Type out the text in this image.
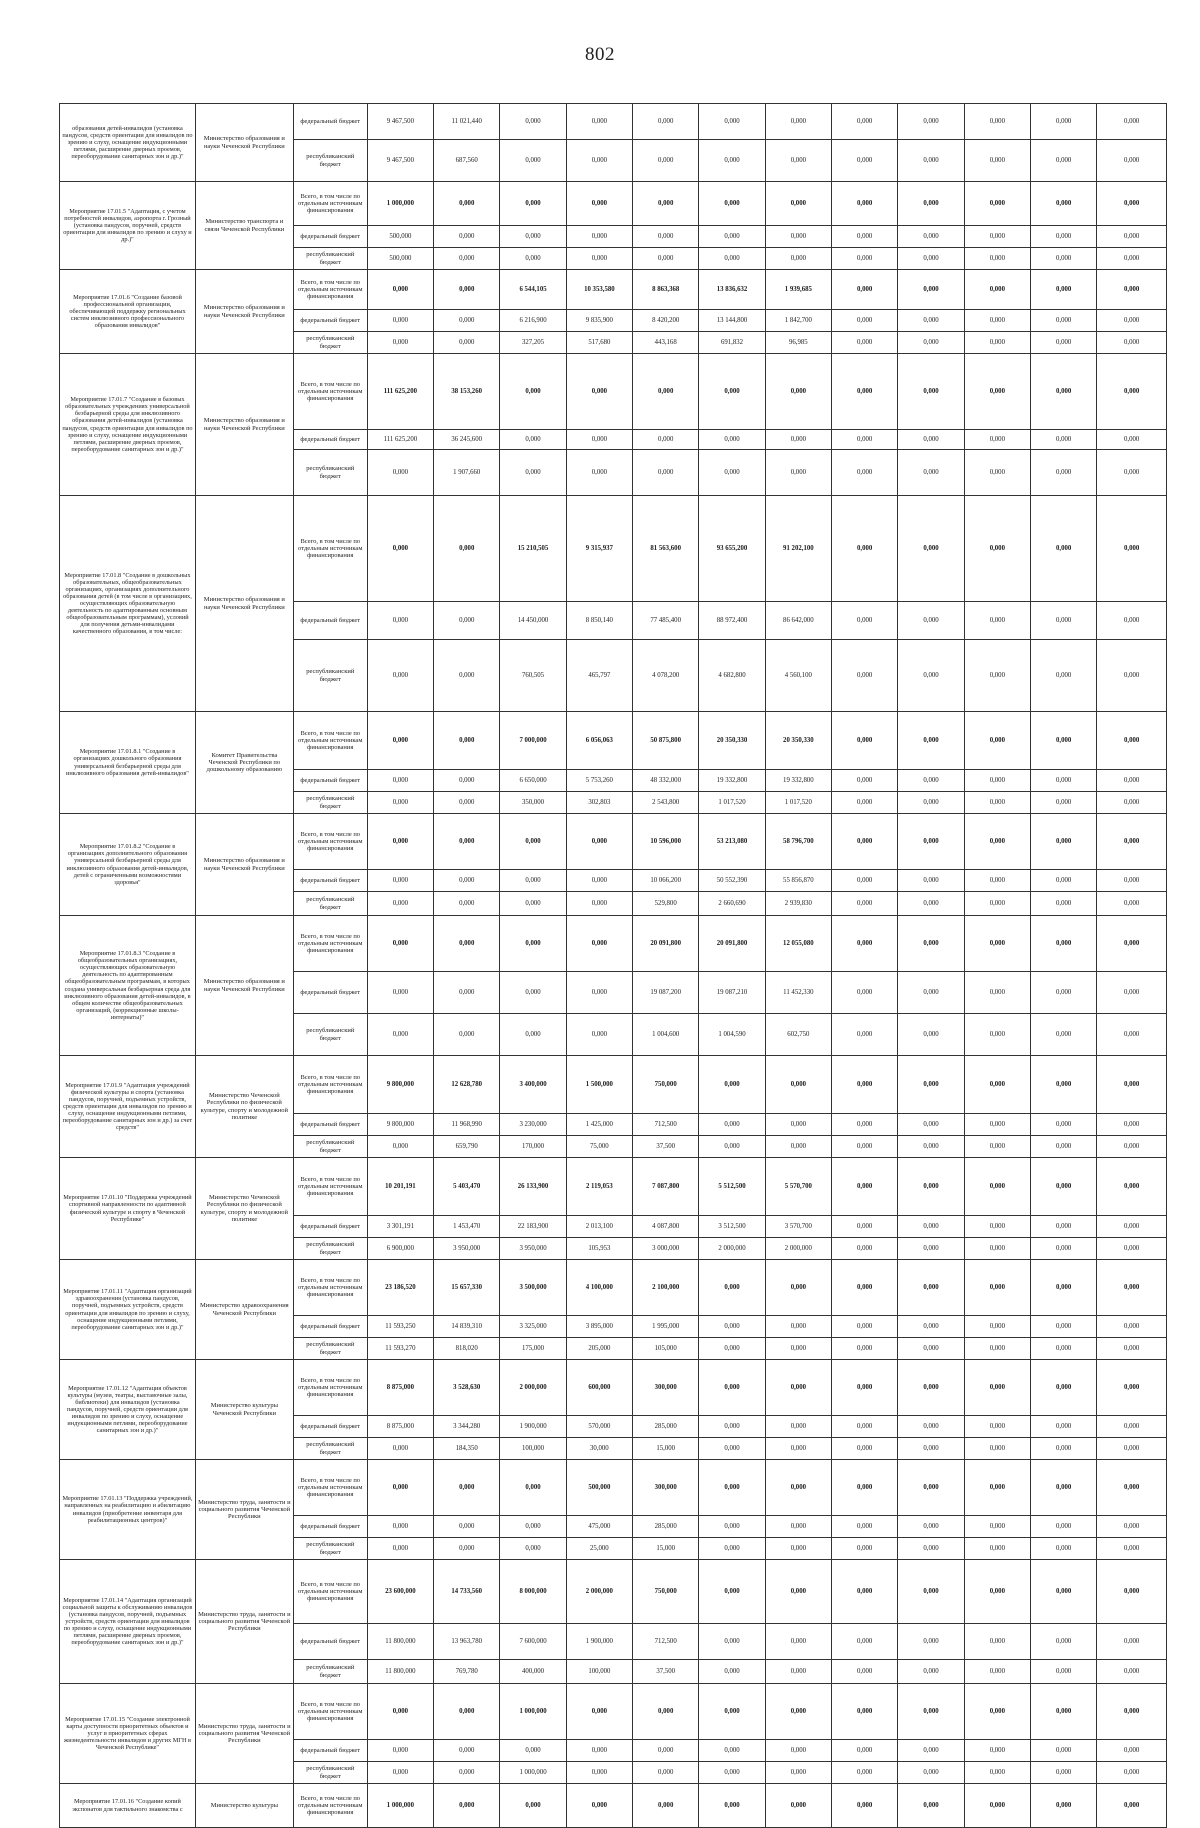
802
образования детей-инвалидов (установка пандусов, средств ориентации для инвалидов по зрению и слуху, оснащение индукционными петлями, расширение дверных проемов, переоборудование санитарных зон и др.)"	Министерство образования и науки Чеченской Республики	федеральный бюджет	9 467,500	11 021,440	0,000	0,000	0,000	0,000	0,000	0,000	0,000	0,000	0,000	0,000
		республиканский бюджет	9 467,500	687,560	0,000	0,000	0,000	0,000	0,000	0,000	0,000	0,000	0,000	0,000
Мероприятие 17.01.5 "Адаптация, с учетом потребностей инвалидов, аэропорта г. Грозный (установка пандусов, поручней, средств ориентации для инвалидов по зрению и слуху и др.)"	Министерство транспорта и связи Чеченской Республики	Всего, в том числе по отдельным источникам финансирования	1 000,000	0,000	0,000	0,000	0,000	0,000	0,000	0,000	0,000	0,000	0,000	0,000
		федеральный бюджет	500,000	0,000	0,000	0,000	0,000	0,000	0,000	0,000	0,000	0,000	0,000	0,000
		республиканский бюджет	500,000	0,000	0,000	0,000	0,000	0,000	0,000	0,000	0,000	0,000	0,000	0,000
Мероприятие 17.01.6 "Создание базовой профессиональной организации, обеспечивающей поддержку региональных систем инклюзивного профессионального образования инвалидов"	Министерство образования и науки Чеченской Республики	Всего, в том числе по отдельным источникам финансирования	0,000	0,000	6 544,105	10 353,580	8 863,368	13 836,632	1 939,685	0,000	0,000	0,000	0,000	0,000
		федеральный бюджет	0,000	0,000	6 216,900	9 835,900	8 420,200	13 144,800	1 842,700	0,000	0,000	0,000	0,000	0,000
		республиканский бюджет	0,000	0,000	327,205	517,680	443,168	691,832	96,985	0,000	0,000	0,000	0,000	0,000
Мероприятие 17.01.7 "Создание в базовых образовательных учреждениях универсальной безбарьерной среды для инклюзивного образования детей-инвалидов (установка пандусов, средств ориентации для инвалидов по зрению и слуху, оснащение индукционными петлями, расширение дверных проемов, переоборудование санитарных зон и др.)"	Министерство образования и науки Чеченской Республики	Всего, в том числе по отдельным источникам финансирования	111 625,200	38 153,260	0,000	0,000	0,000	0,000	0,000	0,000	0,000	0,000	0,000	0,000
		федеральный бюджет	111 625,200	36 245,600	0,000	0,000	0,000	0,000	0,000	0,000	0,000	0,000	0,000	0,000
		республиканский бюджет	0,000	1 907,660	0,000	0,000	0,000	0,000	0,000	0,000	0,000	0,000	0,000	0,000
Мероприятие 17.01.8 "Создание в дошкольных образовательных, общеобразовательных организациях, организациях дополнительного образования детей (в том числе в организациях, осуществляющих образовательную деятельность по адаптированным основным общеобразовательным программам), условий для получения детьми-инвалидами качественного образования, в том числе:	Министерство образования и науки Чеченской Республики	Всего, в том числе по отдельным источникам финансирования	0,000	0,000	15 210,505	9 315,937	81 563,600	93 655,200	91 202,100	0,000	0,000	0,000	0,000	0,000
		федеральный бюджет	0,000	0,000	14 450,000	8 850,140	77 485,400	88 972,400	86 642,000	0,000	0,000	0,000	0,000	0,000
		республиканский бюджет	0,000	0,000	760,505	465,797	4 078,200	4 682,800	4 560,100	0,000	0,000	0,000	0,000	0,000
Мероприятие 17.01.8.1 "Создание в организациях дошкольного образования универсальной безбарьерной среды для инклюзивного образования детей-инвалидов"	Комитет Правительства Чеченской Республики по дошкольному образованию	Всего, в том числе по отдельным источникам финансирования	0,000	0,000	7 000,000	6 056,063	50 875,800	20 350,330	20 350,330	0,000	0,000	0,000	0,000	0,000
		федеральный бюджет	0,000	0,000	6 650,000	5 753,260	48 332,000	19 332,800	19 332,800	0,000	0,000	0,000	0,000	0,000
		республиканский бюджет	0,000	0,000	350,000	302,803	2 543,800	1 017,520	1 017,520	0,000	0,000	0,000	0,000	0,000
Мероприятие 17.01.8.2 "Создание в организациях дополнительного образования универсальной безбарьерной среды для инклюзивного образования детей-инвалидов, детей с ограниченными возможностями здоровья"	Министерство образования и науки Чеченской Республики	Всего, в том числе по отдельным источникам финансирования	0,000	0,000	0,000	0,000	10 596,000	53 213,080	58 796,700	0,000	0,000	0,000	0,000	0,000
		федеральный бюджет	0,000	0,000	0,000	0,000	10 066,200	50 552,390	55 856,870	0,000	0,000	0,000	0,000	0,000
		республиканский бюджет	0,000	0,000	0,000	0,000	529,800	2 660,690	2 939,830	0,000	0,000	0,000	0,000	0,000
Мероприятие 17.01.8.3 "Создание в общеобразовательных организациях, осуществляющих образовательную деятельность по адаптированным общеобразовательным программам, в которых создана универсальная безбарьерная среда для инклюзивного образования детей-инвалидов, в общем количестве общеобразовательных организаций, (коррекционные школы-интернаты)"	Министерство образования и науки Чеченской Республики	Всего, в том числе по отдельным источникам финансирования	0,000	0,000	0,000	0,000	20 091,800	20 091,800	12 055,080	0,000	0,000	0,000	0,000	0,000
		федеральный бюджет	0,000	0,000	0,000	0,000	19 087,200	19 087,210	11 452,330	0,000	0,000	0,000	0,000	0,000
		республиканский бюджет	0,000	0,000	0,000	0,000	1 004,600	1 004,590	602,750	0,000	0,000	0,000	0,000	0,000
Мероприятие 17.01.9 "Адаптация учреждений физической культуры и спорта (установка пандусов, поручней, подъемных устройств, средств ориентации для инвалидов по зрению и слуху, оснащение индукционными петлями, переоборудование санитарных зон и др.) за счет средств"	Министерство Чеченской Республики по физической культуре, спорту и молодежной политике	Всего, в том числе по отдельным источникам финансирования	9 800,000	12 628,780	3 400,000	1 500,000	750,000	0,000	0,000	0,000	0,000	0,000	0,000	0,000
		федеральный бюджет	9 800,000	11 968,990	3 230,000	1 425,000	712,500	0,000	0,000	0,000	0,000	0,000	0,000	0,000
		республиканский бюджет	0,000	659,790	170,000	75,000	37,500	0,000	0,000	0,000	0,000	0,000	0,000	0,000
Мероприятие 17.01.10 "Поддержка учреждений спортивной направленности по адаптивной физической культуре и спорту в Чеченской Республике"	Министерство Чеченской Республики по физической культуре, спорту и молодежной политике	Всего, в том числе по отдельным источникам финансирования	10 201,191	5 403,470	26 133,900	2 119,053	7 087,800	5 512,500	5 570,700	0,000	0,000	0,000	0,000	0,000
		федеральный бюджет	3 301,191	1 453,470	22 183,900	2 013,100	4 087,800	3 512,500	3 570,700	0,000	0,000	0,000	0,000	0,000
		республиканский бюджет	6 900,000	3 950,000	3 950,000	105,953	3 000,000	2 000,000	2 000,000	0,000	0,000	0,000	0,000	0,000
Мероприятие 17.01.11 "Адаптация организаций здравоохранения (установка пандусов, поручней, подъемных устройств, средств ориентации для инвалидов по зрению и слуху, оснащение индукционными петлями, переоборудование санитарных зон и др.)"	Министерство здравоохранения Чеченской Республики	Всего, в том числе по отдельным источникам финансирования	23 186,520	15 657,330	3 500,000	4 100,000	2 100,000	0,000	0,000	0,000	0,000	0,000	0,000	0,000
		федеральный бюджет	11 593,250	14 839,310	3 325,000	3 895,000	1 995,000	0,000	0,000	0,000	0,000	0,000	0,000	0,000
		республиканский бюджет	11 593,270	818,020	175,000	205,000	105,000	0,000	0,000	0,000	0,000	0,000	0,000	0,000
Мероприятие 17.01.12 "Адаптация объектов культуры (музеи, театры, выставочные залы, библиотеки) для инвалидов (установка пандусов, поручней, средств ориентации для инвалидов по зрению и слуху, оснащение индукционными петлями, переоборудование санитарных зон и др.)"	Министерство культуры Чеченской Республики	Всего, в том числе по отдельным источникам финансирования	8 875,000	3 528,630	2 000,000	600,000	300,000	0,000	0,000	0,000	0,000	0,000	0,000	0,000
		федеральный бюджет	8 875,000	3 344,280	1 900,000	570,000	285,000	0,000	0,000	0,000	0,000	0,000	0,000	0,000
		республиканский бюджет	0,000	184,350	100,000	30,000	15,000	0,000	0,000	0,000	0,000	0,000	0,000	0,000
Мероприятие 17.01.13 "Поддержка учреждений, направленных на реабилитацию и абилитацию инвалидов (приобретение инвентаря для реабилитационных центров)"	Министерство труда, занятости и социального развития Чеченской Республики	Всего, в том числе по отдельным источникам финансирования	0,000	0,000	0,000	500,000	300,000	0,000	0,000	0,000	0,000	0,000	0,000	0,000
		федеральный бюджет	0,000	0,000	0,000	475,000	285,000	0,000	0,000	0,000	0,000	0,000	0,000	0,000
		республиканский бюджет	0,000	0,000	0,000	25,000	15,000	0,000	0,000	0,000	0,000	0,000	0,000	0,000
Мероприятие 17.01.14 "Адаптация организаций социальной защиты к обслуживанию инвалидов (установка пандусов, поручней, подъемных устройств, средств ориентации для инвалидов по зрению и слуху, оснащение индукционными петлями, расширение дверных проемов, переоборудование санитарных зон и др.)"	Министерство труда, занятости и социального развития Чеченской Республики	Всего, в том числе по отдельным источникам финансирования	23 600,000	14 733,560	8 000,000	2 000,000	750,000	0,000	0,000	0,000	0,000	0,000	0,000	0,000
		федеральный бюджет	11 800,000	13 963,780	7 600,000	1 900,000	712,500	0,000	0,000	0,000	0,000	0,000	0,000	0,000
		республиканский бюджет	11 800,000	769,780	400,000	100,000	37,500	0,000	0,000	0,000	0,000	0,000	0,000	0,000
Мероприятие 17.01.15 "Создание электронной карты доступности приоритетных объектов и услуг в приоритетных сферах жизнедеятельности инвалидов и других МГН в Чеченской Республике"	Министерство труда, занятости и социального развития Чеченской Республики	Всего, в том числе по отдельным источникам финансирования	0,000	0,000	1 000,000	0,000	0,000	0,000	0,000	0,000	0,000	0,000	0,000	0,000
		федеральный бюджет	0,000	0,000	0,000	0,000	0,000	0,000	0,000	0,000	0,000	0,000	0,000	0,000
		республиканский бюджет	0,000	0,000	1 000,000	0,000	0,000	0,000	0,000	0,000	0,000	0,000	0,000	0,000
Мероприятие 17.01.16 "Создание копий экспонатов для тактильного знакомства с	Министерство культуры	Всего, в том числе по отдельным источникам финансирования	1 000,000	0,000	0,000	0,000	0,000	0,000	0,000	0,000	0,000	0,000	0,000	0,000
